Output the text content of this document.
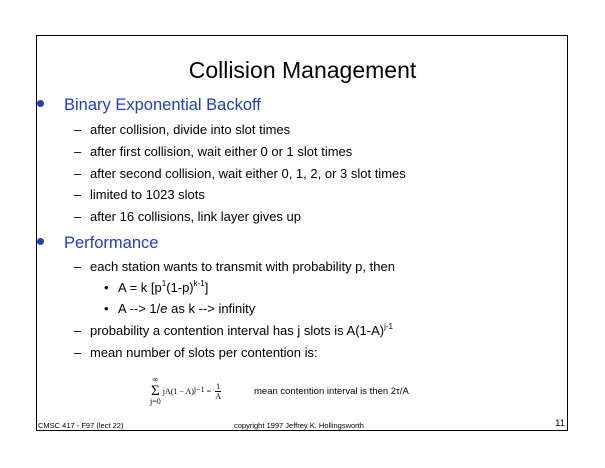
Collision Management
Binary Exponential Backoff
– after collision, divide into slot times
– after first collision, wait either 0 or 1 slot times
– after second collision, wait either 0, 1, 2, or 3 slot times
– limited to 1023 slots
– after 16 collisions, link layer gives up
Performance
– each station wants to transmit with probability p, then
• A = k $[p^1(1-p)^{k-1}]$
• A --> 1/e as k --> infinity
– probability a contention interval has j slots is $A(1-A)^{j-1}$
– mean number of slots per contention is:
∞
Σ
j=0
$jA(1 - A)^{j-1} = \frac{1}{A}$	mean contention interval is then 2τ/A
CMSC 417 - F97 (lect 22)	copyright 1997 Jeffrey K. Hollingsworth	11
